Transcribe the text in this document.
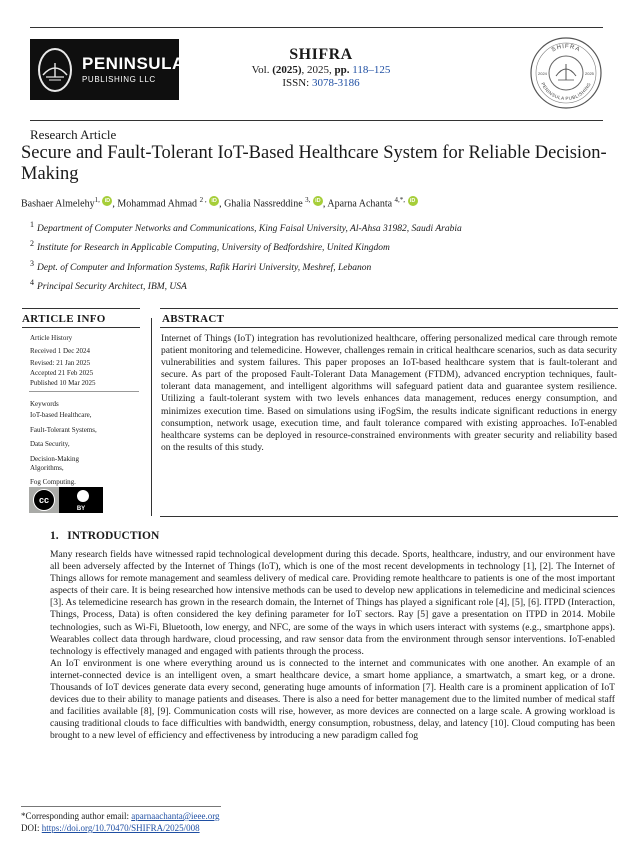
PENINSULA
PUBLISHING LLC
SHIFRA
Vol. (2025), 2025, pp. 118–125
ISSN: 3078-3186
SHIFRA
PENINSULA PUBLISHING
2024	2025
Research Article
Secure and Fault-Tolerant IoT-Based Healthcare System for Reliable Decision-Making
Bashaer Almelehy$^{1,}$ iD , Mohammad Ahmad $^{2 ,}$ iD , Ghalia Nassreddine $^{3,}$ iD , Aparna Achanta $^{4,*,}$ iD
$^1$ Department of Computer Networks and Communications, King Faisal University, Al-Ahsa 31982, Saudi Arabia
$^2$ Institute for Research in Applicable Computing, University of Bedfordshire, United Kingdom
$^3$ Dept. of Computer and Information Systems, Rafik Hariri University, Meshref, Lebanon
$^4$ Principal Security Architect, IBM, USA
ARTICLE INFO
Article History
Received 1 Dec 2024
Revised: 21 Jan 2025
Accepted 21 Feb 2025
Published 10 Mar 2025
Keywords
IoT-based Healthcare,
Fault-Tolerant Systems,
Data Security,
Decision-Making
Algorithms,
Fog Computing.
cc
BY
ABSTRACT
Internet of Things (IoT) integration has revolutionized healthcare, offering personalized medical care through remote patient monitoring and telemedicine. However, challenges remain in critical healthcare scenarios, such as data security vulnerabilities and system failures. This paper proposes an IoT-based healthcare system that is fault-tolerant and secure. As part of the proposed Fault-Tolerant Data Management (FTDM), advanced encryption techniques, fault-tolerant data management, and intelligent algorithms will safeguard patient data and guarantee system resilience. Utilizing a fault-tolerant system with two levels enhances data management, reduces energy consumption, and minimizes execution time. Based on simulations using iFogSim, the results indicate significant reductions in energy consumption, network usage, execution time, and fault tolerance compared with existing approaches. IoT-enabled healthcare systems can be deployed in resource-constrained environments with greater security and reliability based on the results of this study.
1.   INTRODUCTION

Many research fields have witnessed rapid technological development during this decade. Sports, healthcare, industry, and our environment have all been adversely affected by the Internet of Things (IoT), which is one of the most recent developments in technology [1], [2]. The Internet of Things allows for remote management and seamless delivery of medical care. Providing remote healthcare to patients is one of the most important aspects of their care. It is being researched how intensive methods can be used to develop new applications in telemedicine and medicinal sciences [3]. As telemedicine research has grown in the research domain, the Internet of Things has played a significant role [4], [5], [6]. ITPD (Interaction, Things, Process, Data) is often considered the key defining parameter for IoT sectors. Ray [5] gave a presentation on ITPD in 2014. Mobile technologies, such as Wi-Fi, Bluetooth, low energy, and NFC, are some of the ways in which users interact with systems (e.g., smartphone apps). Wearables collect data through hardware, cloud processing, and raw sensor data from the environment through sensor interventions. IoT-enabled technology is effectively managed and engaged with patients through the process.

An IoT environment is one where everything around us is connected to the internet and communicates with one another. An example of an internet-connected device is an intelligent oven, a smart healthcare device, a smart home appliance, a smartwatch, a smart keg, or a drone. Thousands of IoT devices generate data every second, generating huge amounts of information [7]. Health care is a prominent application of IoT devices due to their ability to manage patients and diseases. There is also a need for better management due to the limited number of medical staff and facilities available [8], [9]. Communication costs will rise, however, as more devices are connected on a large scale. A growing workload is causing traditional clouds to face difficulties with bandwidth, energy consumption, robustness, delay, and latency [10]. Cloud computing has been brought to a new level of efficiency and effectiveness by introducing a new paradigm called fog

*Corresponding author email: aparnaachanta@ieee.org
DOI: https://doi.org/10.70470/SHIFRA/2025/008
